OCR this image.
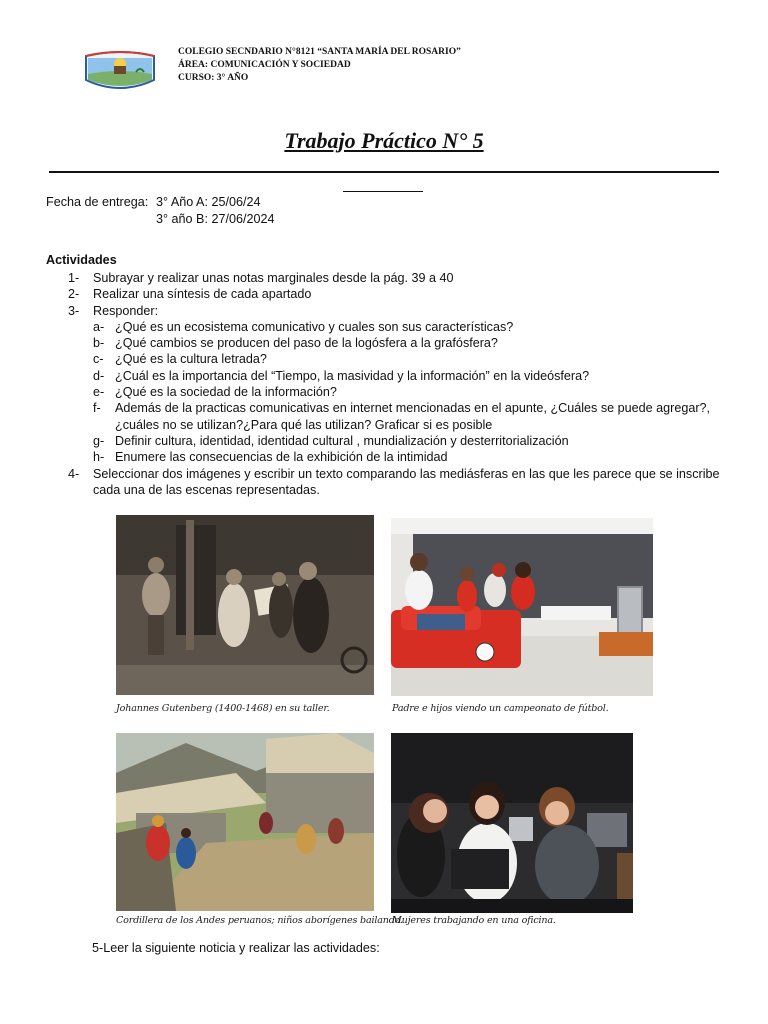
COLEGIO SECNDARIO N°8121 “SANTA MARÍA DEL ROSARIO”
ÁREA: COMUNICACIÓN Y SOCIEDAD
CURSO: 3° AÑO
Trabajo Práctico N° 5
Fecha de entrega: 3° Año A: 25/06/24
3° año B: 27/06/2024
Actividades
1-	Subrayar y realizar unas notas marginales desde la pág. 39 a 40
2-	Realizar una síntesis de cada apartado
3-	Responder:
a- ¿Qué es un ecosistema comunicativo y cuales son sus características?
b- ¿Qué cambios se producen del paso de la logósfera a la grafósfera?
c- ¿Qué es la cultura letrada?
d- ¿Cuál es la importancia del “Tiempo, la masividad y la información” en la videósfera?
e- ¿Qué es la sociedad de la información?
f-	Además de la practicas comunicativas en internet mencionadas en el apunte, ¿Cuáles se puede agregar?, ¿cuáles no se utilizan?¿Para qué las utilizan? Graficar si es posible
g- Definir cultura, identidad, identidad cultural , mundialización y desterritorialización
h- Enumere las consecuencias de la exhibición de la intimidad
4-	Seleccionar dos imágenes y escribir un texto comparando las mediásferas en las que les parece que se inscribe cada una de las escenas representadas.
Johannes Gutenberg (1400-1468) en su taller.	Padre e hijos viendo un campeonato de fútbol.
Cordillera de los Andes peruanos; niños aborígenes bailando.
Mujeres trabajando en una oficina.
5-Leer la siguiente noticia y realizar las actividades:
